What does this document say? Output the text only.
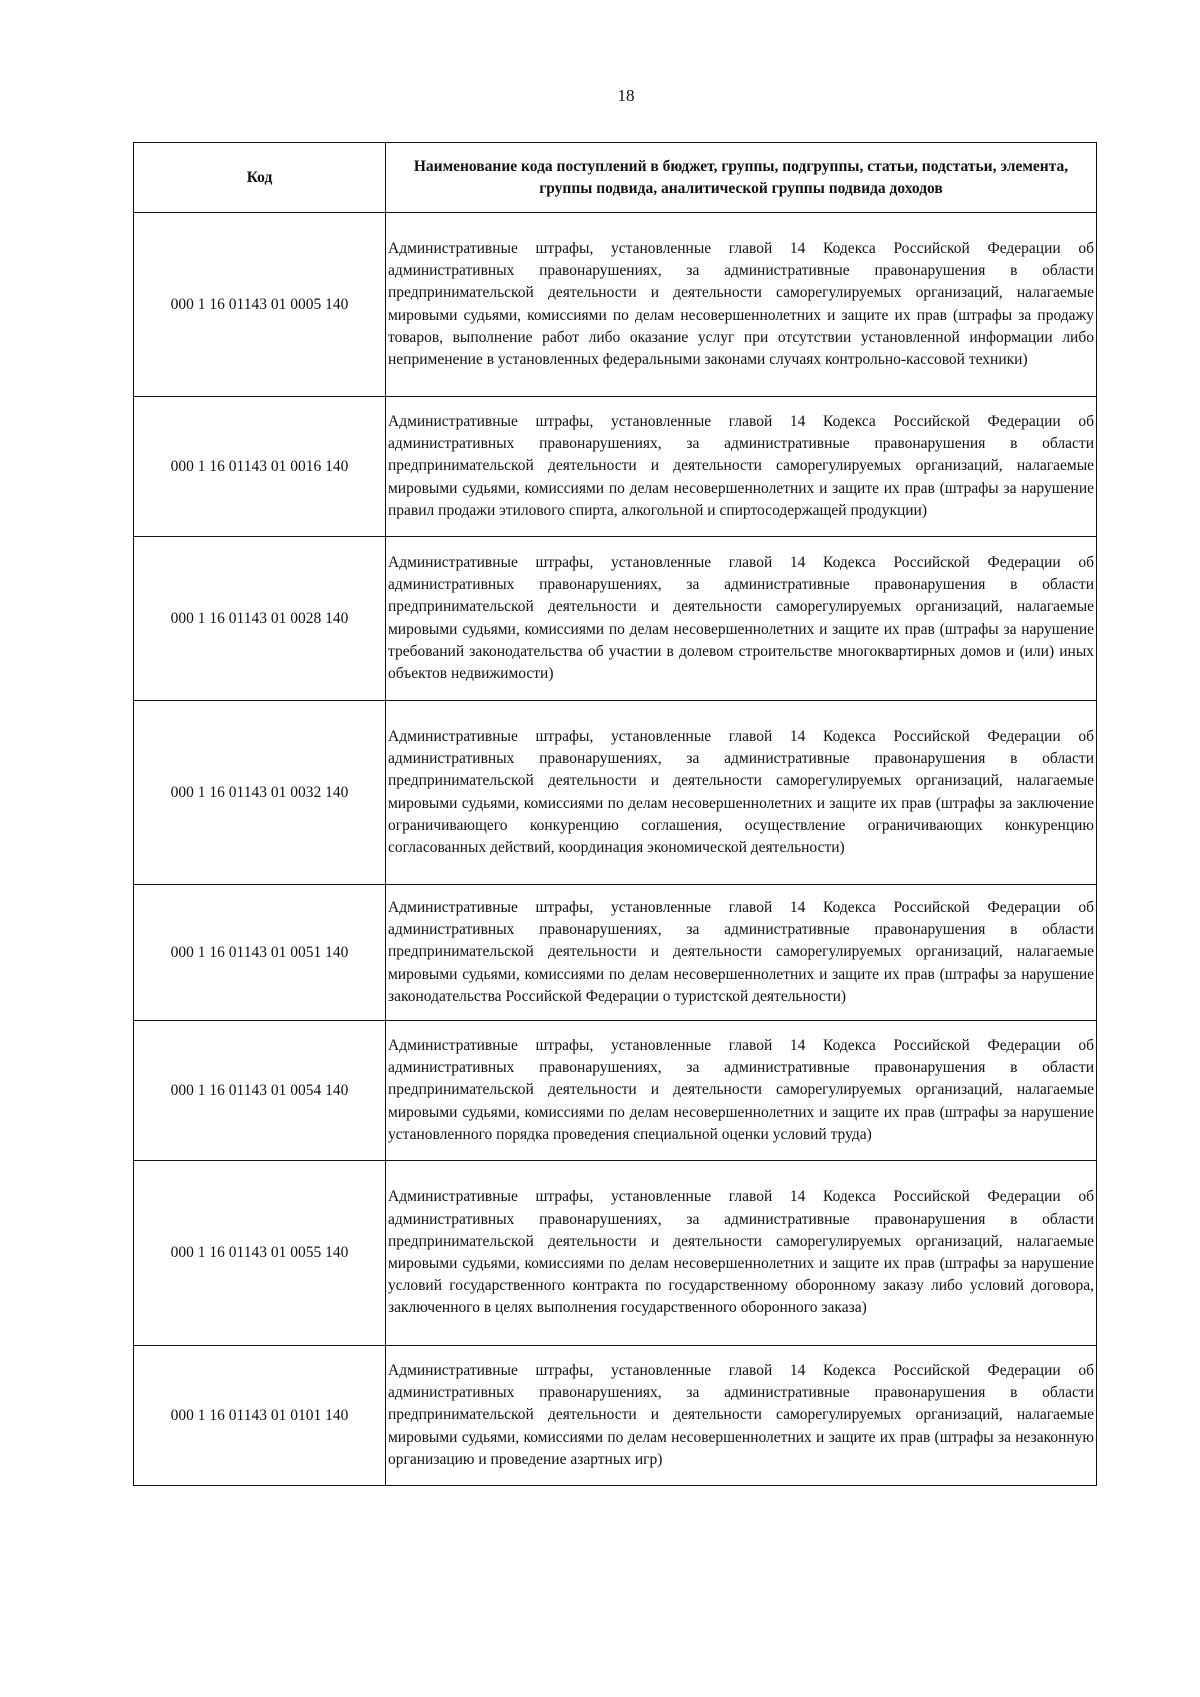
18
Код	Наименование кода поступлений в бюджет, группы, подгруппы, статьи, подстатьи, элемента, группы подвида, аналитической группы подвида доходов
000 1 16 01143 01 0005 140	Административные штрафы, установленные главой 14 Кодекса Российской Федерации об административных правонарушениях, за административные правонарушения в области предпринимательской деятельности и деятельности саморегулируемых организаций, налагаемые мировыми судьями, комиссиями по делам несовершеннолетних и защите их прав (штрафы за продажу товаров, выполнение работ либо оказание услуг при отсутствии установленной информации либо неприменение в установленных федеральными законами случаях контрольно-кассовой техники)

000 1 16 01143 01 0016 140	Административные штрафы, установленные главой 14 Кодекса Российской Федерации об административных правонарушениях, за административные правонарушения в области предпринимательской деятельности и деятельности саморегулируемых организаций, налагаемые мировыми судьями, комиссиями по делам несовершеннолетних и защите их прав (штрафы за нарушение правил продажи этилового спирта, алкогольной и спиртосодержащей продукции)

000 1 16 01143 01 0028 140	Административные штрафы, установленные главой 14 Кодекса Российской Федерации об административных правонарушениях, за административные правонарушения в области предпринимательской деятельности и деятельности саморегулируемых организаций, налагаемые мировыми судьями, комиссиями по делам несовершеннолетних и защите их прав (штрафы за нарушение требований законодательства об участии в долевом строительстве многоквартирных домов и (или) иных объектов недвижимости)

000 1 16 01143 01 0032 140	Административные штрафы, установленные главой 14 Кодекса Российской Федерации об административных правонарушениях, за административные правонарушения в области предпринимательской деятельности и деятельности саморегулируемых организаций, налагаемые мировыми судьями, комиссиями по делам несовершеннолетних и защите их прав (штрафы за заключение ограничивающего конкуренцию соглашения, осуществление ограничивающих конкуренцию согласованных действий, координация экономической деятельности)

000 1 16 01143 01 0051 140	Административные штрафы, установленные главой 14 Кодекса Российской Федерации об административных правонарушениях, за административные правонарушения в области предпринимательской деятельности и деятельности саморегулируемых организаций, налагаемые мировыми судьями, комиссиями по делам несовершеннолетних и защите их прав (штрафы за нарушение законодательства Российской Федерации о туристской деятельности)

000 1 16 01143 01 0054 140	Административные штрафы, установленные главой 14 Кодекса Российской Федерации об административных правонарушениях, за административные правонарушения в области предпринимательской деятельности и деятельности саморегулируемых организаций, налагаемые мировыми судьями, комиссиями по делам несовершеннолетних и защите их прав (штрафы за нарушение установленного порядка проведения специальной оценки условий труда)

000 1 16 01143 01 0055 140	Административные штрафы, установленные главой 14 Кодекса Российской Федерации об административных правонарушениях, за административные правонарушения в области предпринимательской деятельности и деятельности саморегулируемых организаций, налагаемые мировыми судьями, комиссиями по делам несовершеннолетних и защите их прав (штрафы за нарушение условий государственного контракта по государственному оборонному заказу либо условий договора, заключенного в целях выполнения государственного оборонного заказа)

000 1 16 01143 01 0101 140	Административные штрафы, установленные главой 14 Кодекса Российской Федерации об административных правонарушениях, за административные правонарушения в области предпринимательской деятельности и деятельности саморегулируемых организаций, налагаемые мировыми судьями, комиссиями по делам несовершеннолетних и защите их прав (штрафы за незаконную организацию и проведение азартных игр)
